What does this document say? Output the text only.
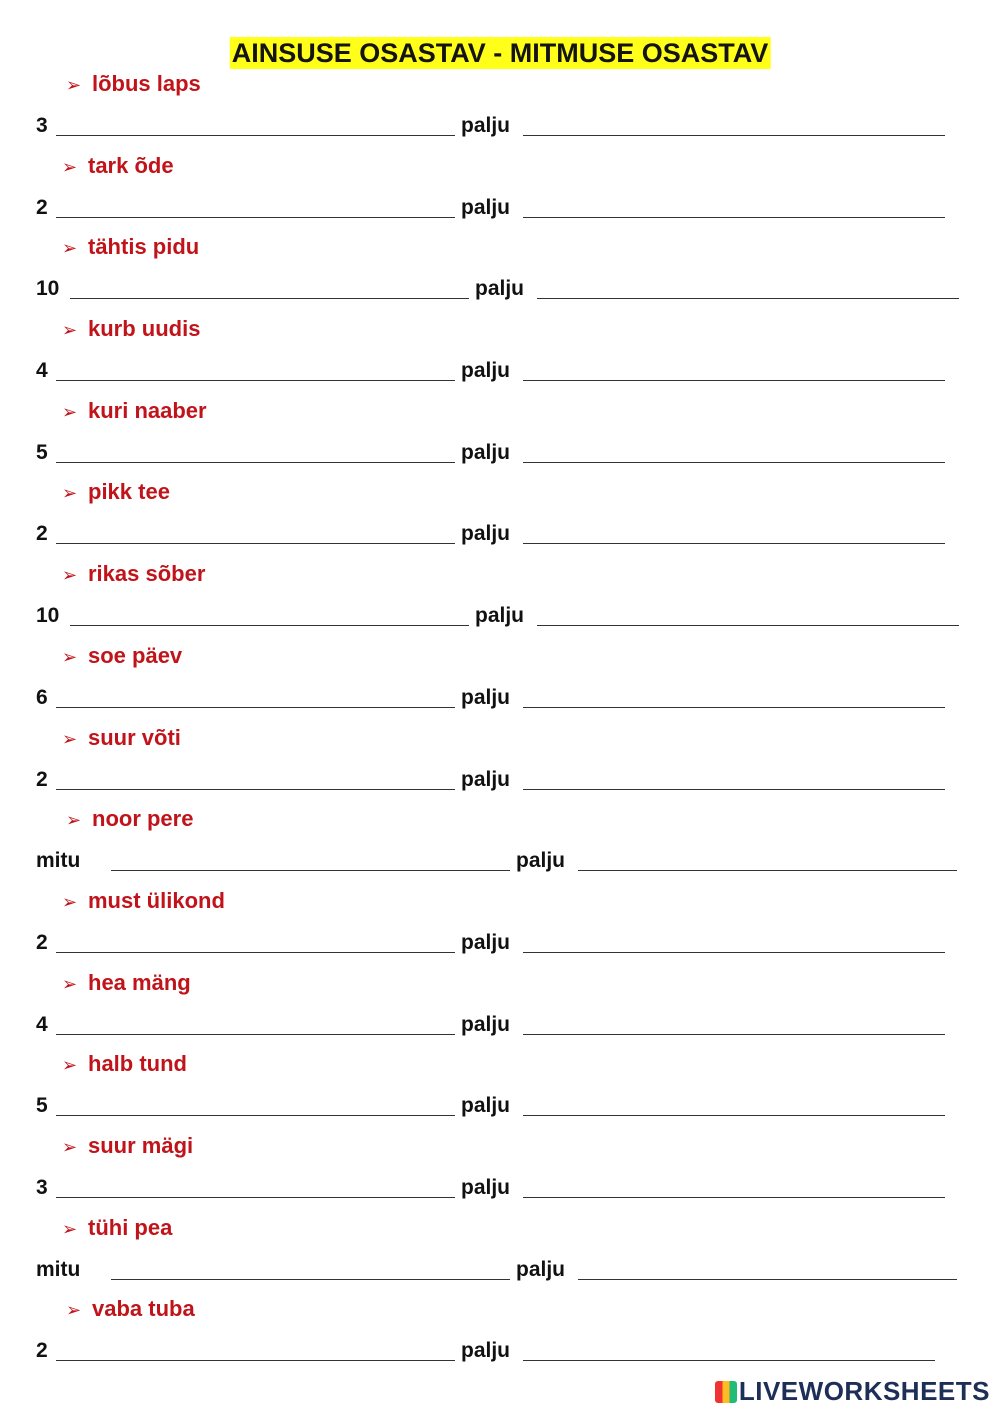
AINSUSE OSASTAV - MITMUSE OSASTAV
➢ lõbus laps
3	palju
➢ tark õde
2	palju
➢ tähtis pidu
10	palju
➢ kurb uudis
4	palju
➢ kuri naaber
5	palju
➢ pikk tee
2	palju
➢ rikas sõber
10	palju
➢ soe päev
6	palju
➢ suur võti
2	palju
➢ noor pere
mitu	palju
➢ must ülikond
2	palju
➢ hea mäng
4	palju
➢ halb tund
5	palju
➢ suur mägi
3	palju
➢ tühi pea
mitu	palju
➢ vaba tuba
2	palju
LIVEWORKSHEETS
